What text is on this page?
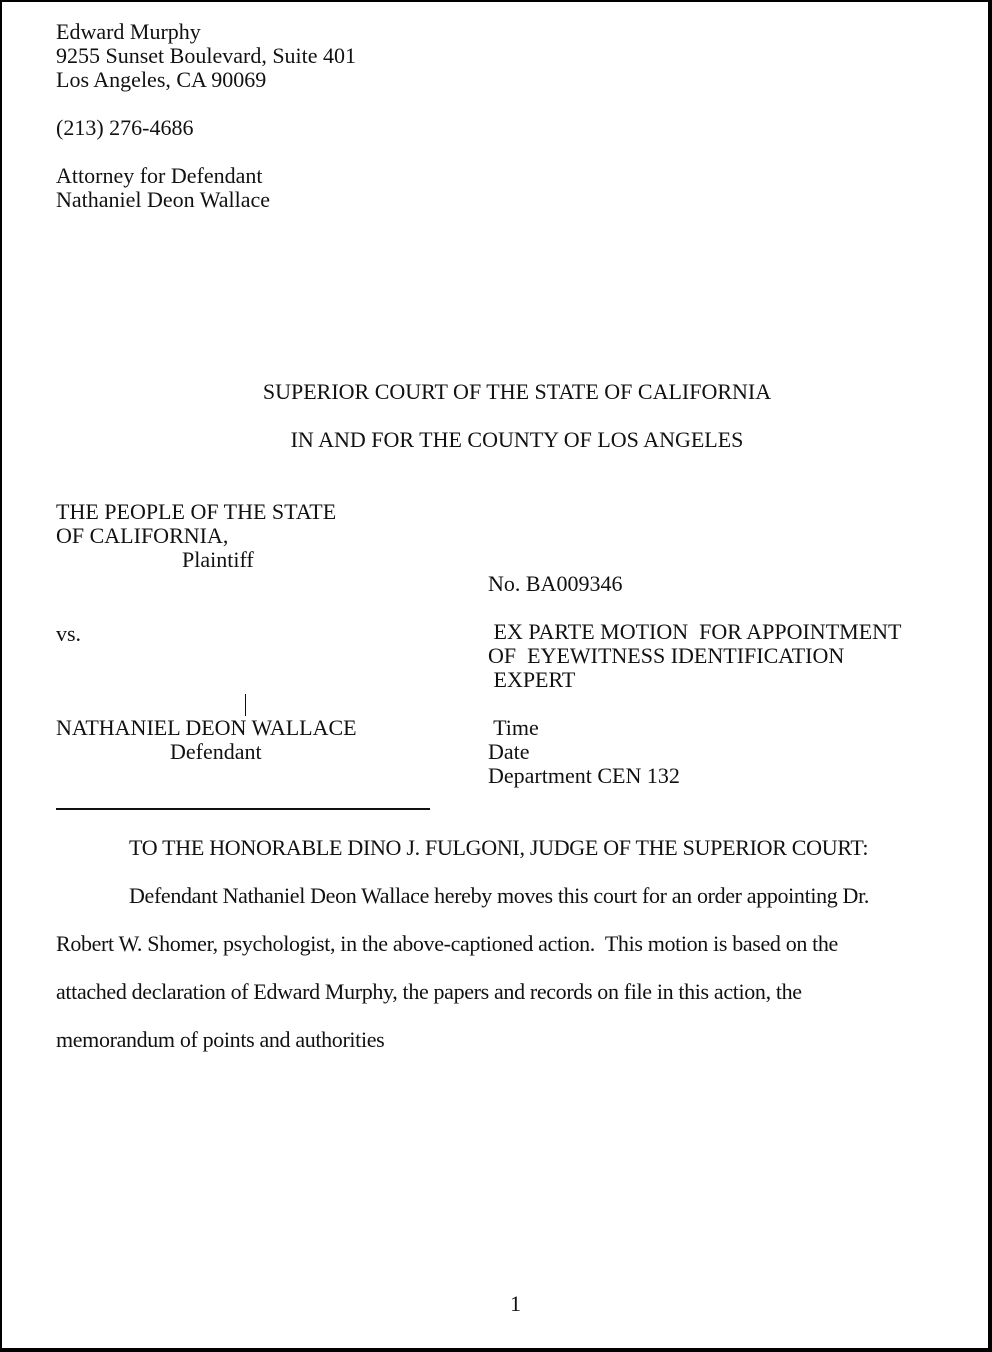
Edward Murphy
9255 Sunset Boulevard, Suite 401
Los Angeles, CA 90069
(213) 276-4686
Attorney for Defendant
Nathaniel Deon Wallace
SUPERIOR COURT OF THE STATE OF CALIFORNIA
IN AND FOR THE COUNTY OF LOS ANGELES
THE PEOPLE OF THE STATE
OF CALIFORNIA,
Plaintiff
vs.
NATHANIEL DEON WALLACE
Defendant
No. BA009346
EX PARTE MOTION  FOR APPOINTMENT
OF  EYEWITNESS IDENTIFICATION
EXPERT
Time
Date
Department CEN 132
TO THE HONORABLE DINO J. FULGONI, JUDGE OF THE SUPERIOR COURT:
Defendant Nathaniel Deon Wallace hereby moves this court for an order appointing Dr.
Robert W. Shomer, psychologist, in the above-captioned action.  This motion is based on the
attached declaration of Edward Murphy, the papers and records on file in this action, the
memorandum of points and authorities
1
